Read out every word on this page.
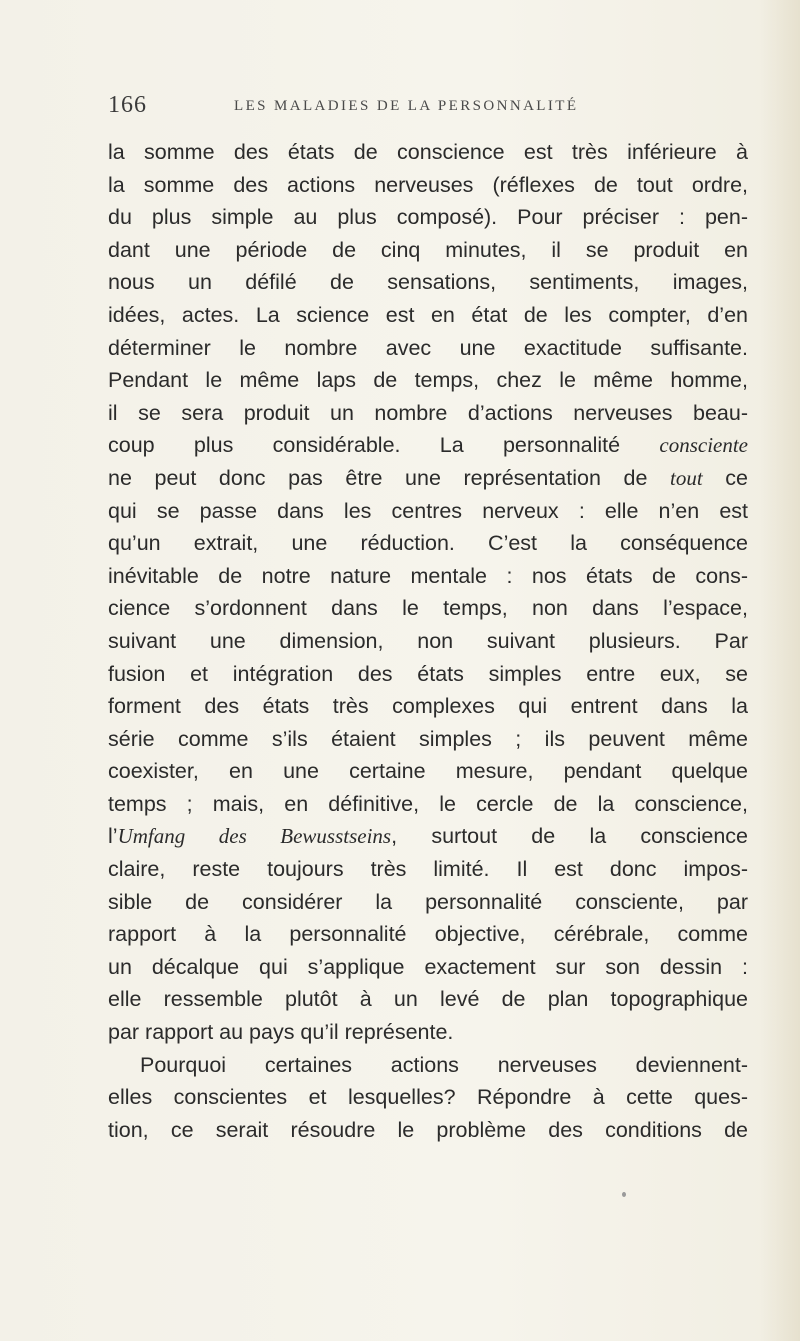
166	LES MALADIES DE LA PERSONNALITÉ
la somme des états de conscience est très inférieure à
la somme des actions nerveuses (réflexes de tout ordre,
du plus simple au plus composé). Pour préciser : pen-
dant une période de cinq minutes, il se produit en
nous un défilé de sensations, sentiments, images,
idées, actes. La science est en état de les compter, d’en
déterminer le nombre avec une exactitude suffisante.
Pendant le même laps de temps, chez le même homme,
il se sera produit un nombre d’actions nerveuses beau-
coup plus considérable. La personnalité consciente
ne peut donc pas être une représentation de tout ce
qui se passe dans les centres nerveux : elle n’en est
qu’un extrait, une réduction. C’est la conséquence
inévitable de notre nature mentale : nos états de cons-
cience s’ordonnent dans le temps, non dans l’espace,
suivant une dimension, non suivant plusieurs. Par
fusion et intégration des états simples entre eux, se
forment des états très complexes qui entrent dans la
série comme s’ils étaient simples ; ils peuvent même
coexister, en une certaine mesure, pendant quelque
temps ; mais, en définitive, le cercle de la conscience,
l’Umfang des Bewusstseins, surtout de la conscience
claire, reste toujours très limité. Il est donc impos-
sible de considérer la personnalité consciente, par
rapport à la personnalité objective, cérébrale, comme
un décalque qui s’applique exactement sur son dessin :
elle ressemble plutôt à un levé de plan topographique
par rapport au pays qu’il représente.
Pourquoi certaines actions nerveuses deviennent-
elles conscientes et lesquelles? Répondre à cette ques-
tion, ce serait résoudre le problème des conditions de
